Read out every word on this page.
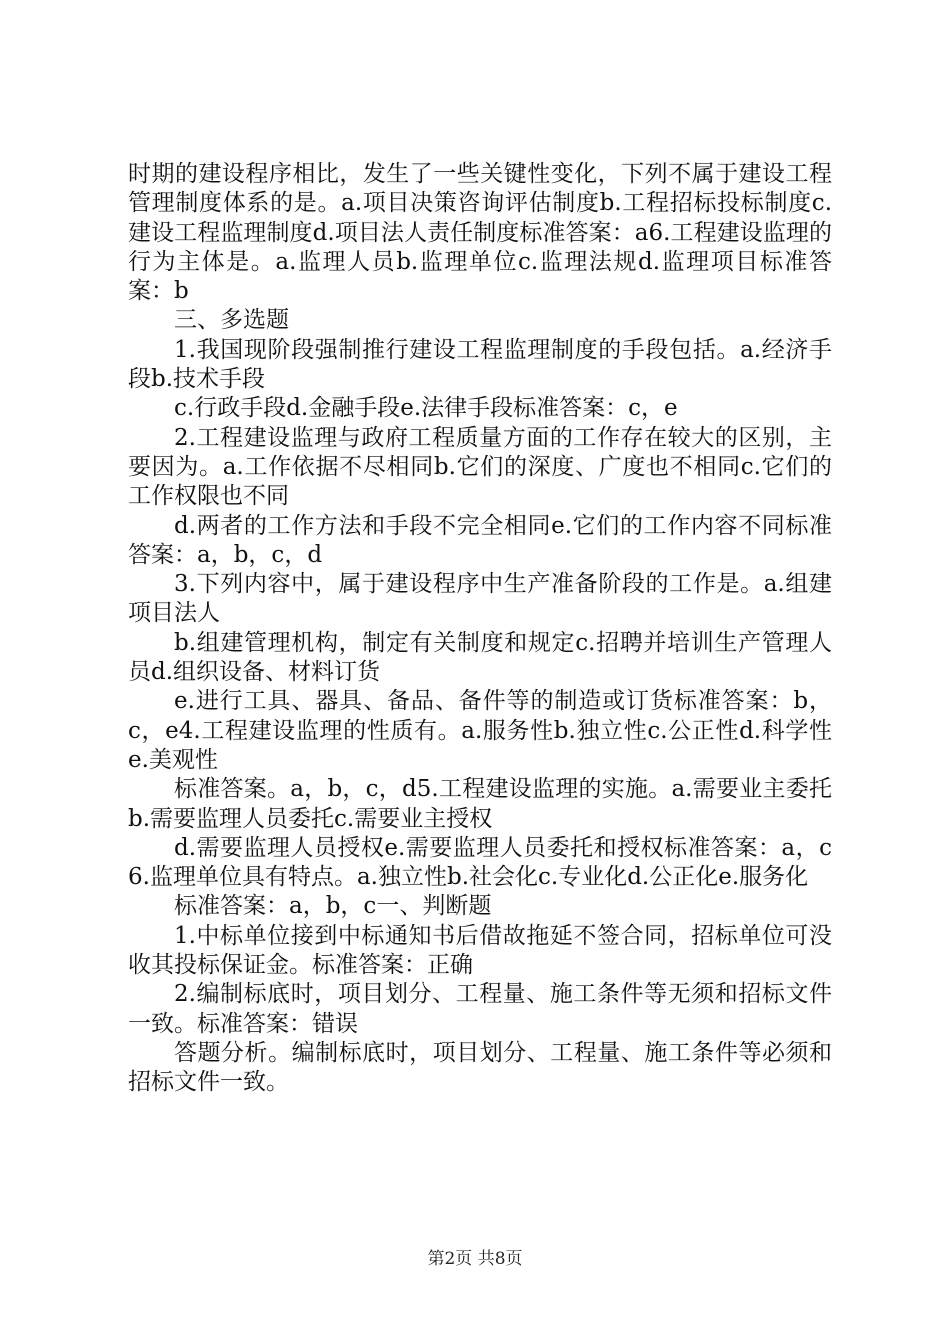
时期的建设程序相比，发生了一些关键性变化，下列不属于建设工程管理制度体系的是。a.项目决策咨询评估制度b.工程招标投标制度c.建设工程监理制度d.项目法人责任制度标准答案：a6.工程建设监理的行为主体是。a.监理人员b.监理单位c.监理法规d.监理项目标准答案：b

三、多选题

1.我国现阶段强制推行建设工程监理制度的手段包括。a.经济手段b.技术手段

c.行政手段d.金融手段e.法律手段标准答案：c，e

2.工程建设监理与政府工程质量方面的工作存在较大的区别，主要因为。a.工作依据不尽相同b.它们的深度、广度也不相同c.它们的工作权限也不同

d.两者的工作方法和手段不完全相同e.它们的工作内容不同标准答案：a，b，c，d

3.下列内容中，属于建设程序中生产准备阶段的工作是。a.组建项目法人

b.组建管理机构，制定有关制度和规定c.招聘并培训生产管理人员d.组织设备、材料订货

e.进行工具、器具、备品、备件等的制造或订货标准答案：b，c，e4.工程建设监理的性质有。a.服务性b.独立性c.公正性d.科学性e.美观性

标准答案。a，b，c，d5.工程建设监理的实施。a.需要业主委托b.需要监理人员委托c.需要业主授权

d.需要监理人员授权e.需要监理人员委托和授权标准答案：a，c6.监理单位具有特点。a.独立性b.社会化c.专业化d.公正化e.服务化

标准答案：a，b，c一、判断题

1.中标单位接到中标通知书后借故拖延不签合同，招标单位可没收其投标保证金。标准答案：正确

2.编制标底时，项目划分、工程量、施工条件等无须和招标文件一致。标准答案：错误

答题分析。编制标底时，项目划分、工程量、施工条件等必须和招标文件一致。

第2页 共8页
